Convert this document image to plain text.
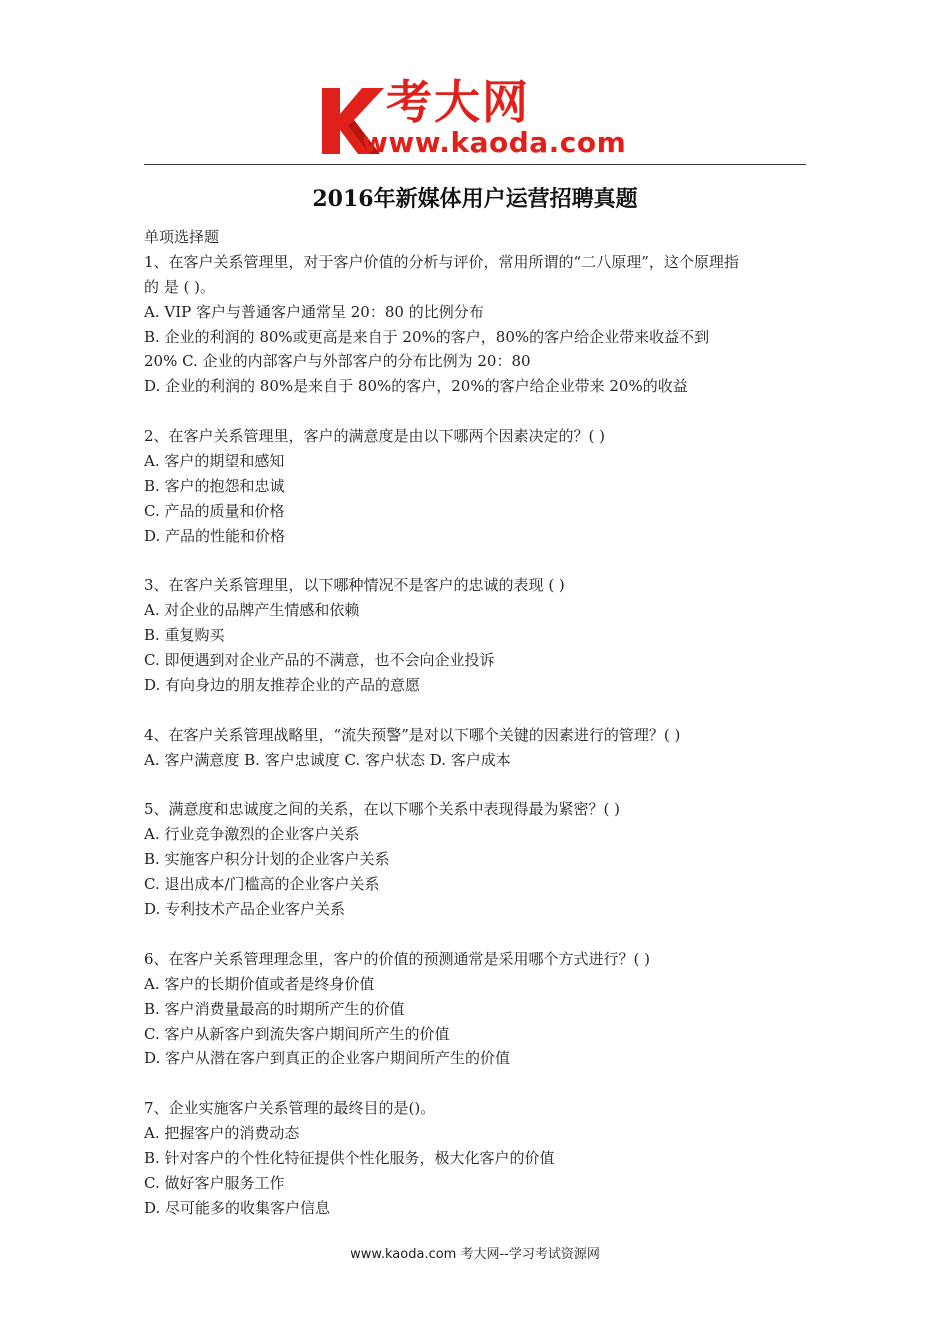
考大网
www.kaoda.com
2016年新媒体用户运营招聘真题
单项选择题
1、在客户关系管理里，对于客户价值的分析与评价，常用所谓的“二八原理”，这个原理指
的 是 ( )。
A. VIP 客户与普通客户通常呈 20：80 的比例分布
B. 企业的利润的 80%或更高是来自于 20%的客户，80%的客户给企业带来收益不到
20% C. 企业的内部客户与外部客户的分布比例为 20：80
D. 企业的利润的 80%是来自于 80%的客户，20%的客户给企业带来 20%的收益
2、在客户关系管理里，客户的满意度是由以下哪两个因素决定的？( )
A. 客户的期望和感知
B. 客户的抱怨和忠诚
C. 产品的质量和价格
D. 产品的性能和价格
3、在客户关系管理里，以下哪种情况不是客户的忠诚的表现 ( )
A. 对企业的品牌产生情感和依赖
B. 重复购买
C. 即便遇到对企业产品的不满意，也不会向企业投诉
D. 有向身边的朋友推荐企业的产品的意愿
4、在客户关系管理战略里，“流失预警”是对以下哪个关键的因素进行的管理？( )
A. 客户满意度 B. 客户忠诚度 C. 客户状态 D. 客户成本
5、满意度和忠诚度之间的关系，在以下哪个关系中表现得最为紧密？( )
A. 行业竞争激烈的企业客户关系
B. 实施客户积分计划的企业客户关系
C. 退出成本/门槛高的企业客户关系
D. 专利技术产品企业客户关系
6、在客户关系管理理念里，客户的价值的预测通常是采用哪个方式进行？( )
A. 客户的长期价值或者是终身价值
B. 客户消费量最高的时期所产生的价值
C. 客户从新客户到流失客户期间所产生的价值
D. 客户从潜在客户到真正的企业客户期间所产生的价值
7、企业实施客户关系管理的最终目的是()。
A. 把握客户的消费动态
B. 针对客户的个性化特征提供个性化服务，极大化客户的价值
C. 做好客户服务工作
D. 尽可能多的收集客户信息
www.kaoda.com 考大网--学习考试资源网
